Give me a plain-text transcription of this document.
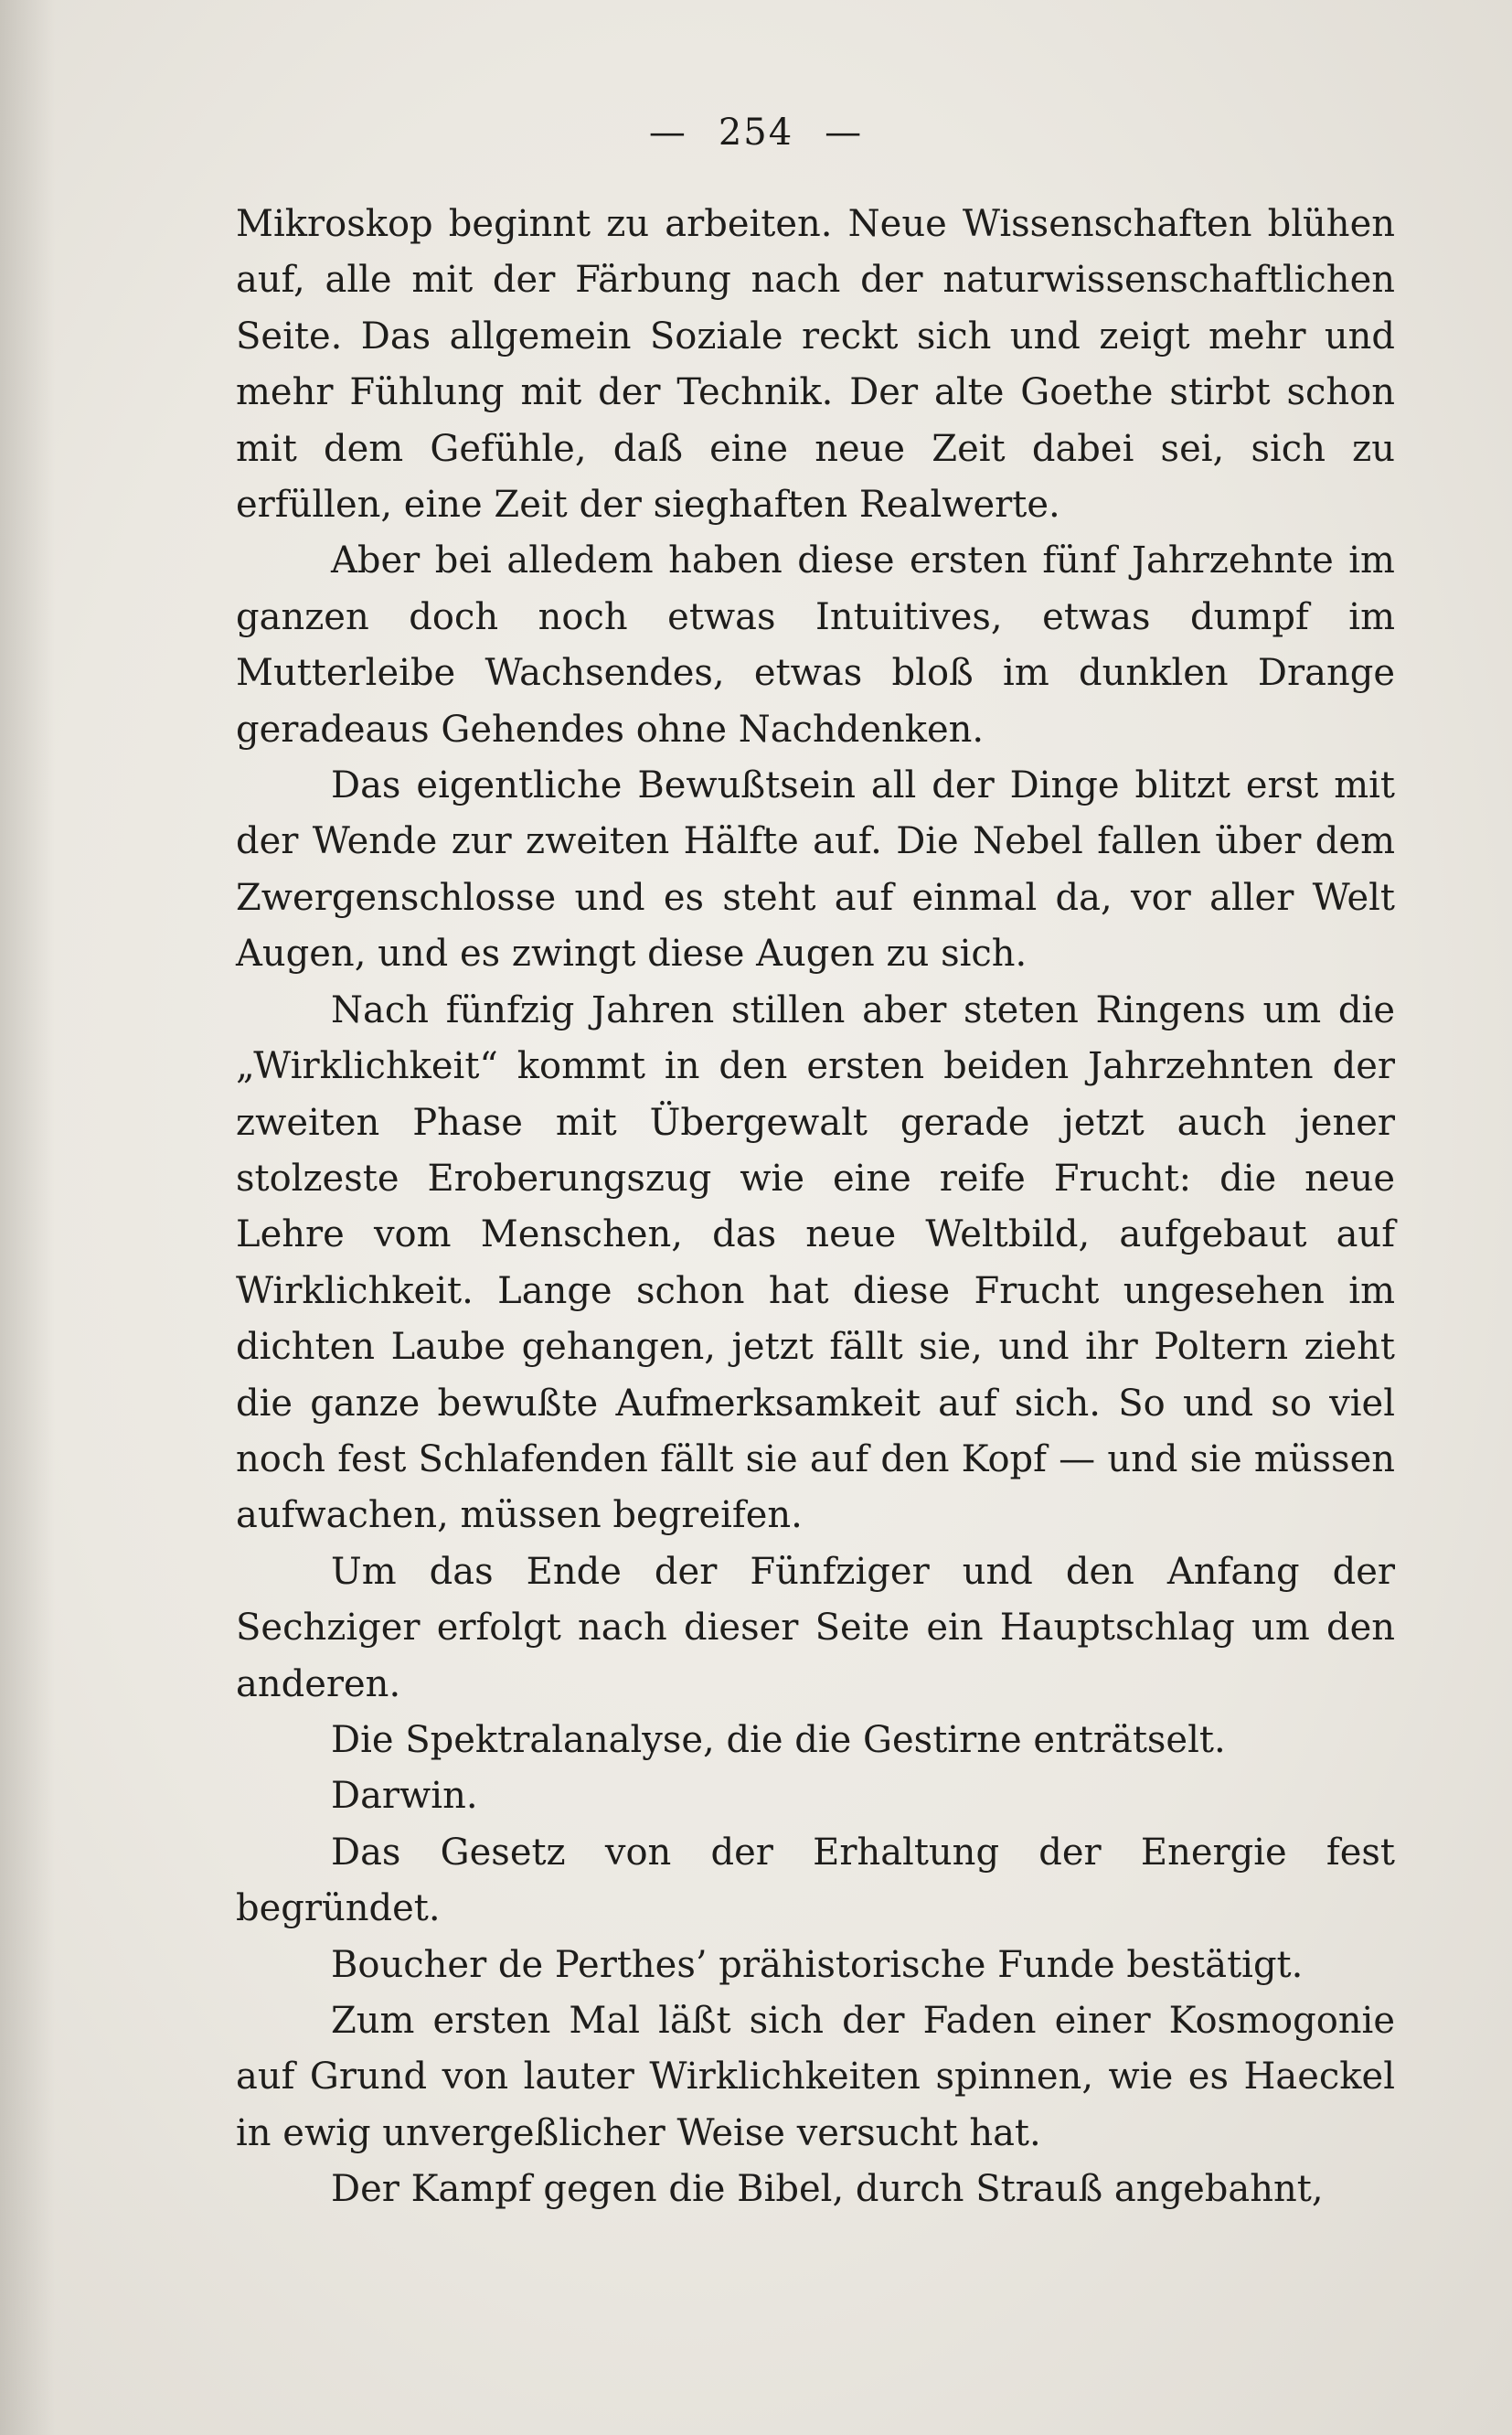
— 254 —

Mikroskop beginnt zu arbeiten. Neue Wissenschaften blühen auf, alle mit der Färbung nach der naturwissenschaftlichen Seite. Das allgemein Soziale reckt sich und zeigt mehr und mehr Fühlung mit der Technik. Der alte Goethe stirbt schon mit dem Gefühle, daß eine neue Zeit dabei sei, sich zu erfüllen, eine Zeit der sieghaften Realwerte.

Aber bei alledem haben diese ersten fünf Jahrzehnte im ganzen doch noch etwas Intuitives, etwas dumpf im Mutterleibe Wachsendes, etwas bloß im dunklen Drange geradeaus Gehendes ohne Nachdenken.

Das eigentliche Bewußtsein all der Dinge blitzt erst mit der Wende zur zweiten Hälfte auf. Die Nebel fallen über dem Zwergenschlosse und es steht auf einmal da, vor aller Welt Augen, und es zwingt diese Augen zu sich.

Nach fünfzig Jahren stillen aber steten Ringens um die „Wirklichkeit“ kommt in den ersten beiden Jahrzehnten der zweiten Phase mit Übergewalt gerade jetzt auch jener stolzeste Eroberungszug wie eine reife Frucht: die neue Lehre vom Menschen, das neue Weltbild, aufgebaut auf Wirklichkeit. Lange schon hat diese Frucht ungesehen im dichten Laube gehangen, jetzt fällt sie, und ihr Poltern zieht die ganze bewußte Aufmerksamkeit auf sich. So und so viel noch fest Schlafenden fällt sie auf den Kopf — und sie müssen aufwachen, müssen begreifen.

Um das Ende der Fünfziger und den Anfang der Sechziger erfolgt nach dieser Seite ein Hauptschlag um den anderen.

Die Spektralanalyse, die die Gestirne enträtselt.

Darwin.

Das Gesetz von der Erhaltung der Energie fest begründet.

Boucher de Perthes’ prähistorische Funde bestätigt.

Zum ersten Mal läßt sich der Faden einer Kosmogonie auf Grund von lauter Wirklichkeiten spinnen, wie es Haeckel in ewig unvergeßlicher Weise versucht hat.

Der Kampf gegen die Bibel, durch Strauß angebahnt,
